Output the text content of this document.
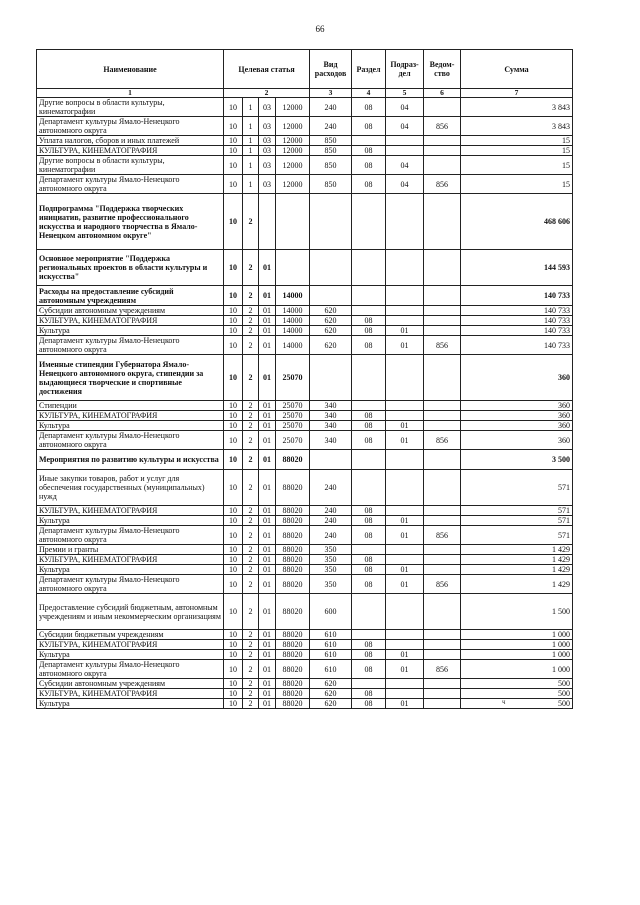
66
Наименование	Целевая статья				Вид расходов	Раздел	Подраз-дел	Ведом-ство	Сумма
1	2				3	4	5	6	7
Другие вопросы в области культуры, кинематографии	10	1	03	12000	240	08	04		3 843
Департамент культуры Ямало-Ненецкого автономного округа	10	1	03	12000	240	08	04	856	3 843
Уплата налогов, сборов и иных платежей	10	1	03	12000	850				15
КУЛЬТУРА, КИНЕМАТОГРАФИЯ	10	1	03	12000	850	08			15
Другие вопросы в области культуры, кинематографии	10	1	03	12000	850	08	04		15
Департамент культуры Ямало-Ненецкого автономного округа	10	1	03	12000	850	08	04	856	15
Подпрограмма "Поддержка творческих инициатив, развитие профессионального искусства и народного творчества в Ямало-Ненецком автономном округе"	10	2							468 606
Основное мероприятие "Поддержка региональных проектов в области культуры и искусства"	10	2	01						144 593
Расходы на предоставление субсидий автономным учреждениям	10	2	01	14000					140 733
Субсидии автономным учреждениям	10	2	01	14000	620				140 733
КУЛЬТУРА, КИНЕМАТОГРАФИЯ	10	2	01	14000	620	08			140 733
Культура	10	2	01	14000	620	08	01		140 733
Департамент культуры Ямало-Ненецкого автономного округа	10	2	01	14000	620	08	01	856	140 733
Именные стипендии Губернатора Ямало-Ненецкого автономного округа, стипендии за выдающиеся творческие и спортивные достижения	10	2	01	25070					360
Стипендии	10	2	01	25070	340				360
КУЛЬТУРА, КИНЕМАТОГРАФИЯ	10	2	01	25070	340	08			360
Культура	10	2	01	25070	340	08	01		360
Департамент культуры Ямало-Ненецкого автономного округа	10	2	01	25070	340	08	01	856	360
Мероприятия по развитию культуры и искусства	10	2	01	88020					3 500
Иные закупки товаров, работ и услуг для обеспечения государственных (муниципальных) нужд	10	2	01	88020	240				571
КУЛЬТУРА, КИНЕМАТОГРАФИЯ	10	2	01	88020	240	08			571
Культура	10	2	01	88020	240	08	01		571
Департамент культуры Ямало-Ненецкого автономного округа	10	2	01	88020	240	08	01	856	571
Премии и гранты	10	2	01	88020	350				1 429
КУЛЬТУРА, КИНЕМАТОГРАФИЯ	10	2	01	88020	350	08			1 429
Культура	10	2	01	88020	350	08	01		1 429
Департамент культуры Ямало-Ненецкого автономного округа	10	2	01	88020	350	08	01	856	1 429
Предоставление субсидий бюджетным, автономным учреждениям и иным некоммерческим организациям	10	2	01	88020	600				1 500
Субсидии бюджетным учреждениям	10	2	01	88020	610				1 000
КУЛЬТУРА, КИНЕМАТОГРАФИЯ	10	2	01	88020	610	08			1 000
Культура	10	2	01	88020	610	08	01		1 000
Департамент культуры Ямало-Ненецкого автономного округа	10	2	01	88020	610	08	01	856	1 000
Субсидии автономным учреждениям	10	2	01	88020	620				500
КУЛЬТУРА, КИНЕМАТОГРАФИЯ	10	2	01	88020	620	08			500
Культура	10	2	01	88020	620	08	01		500
ч
